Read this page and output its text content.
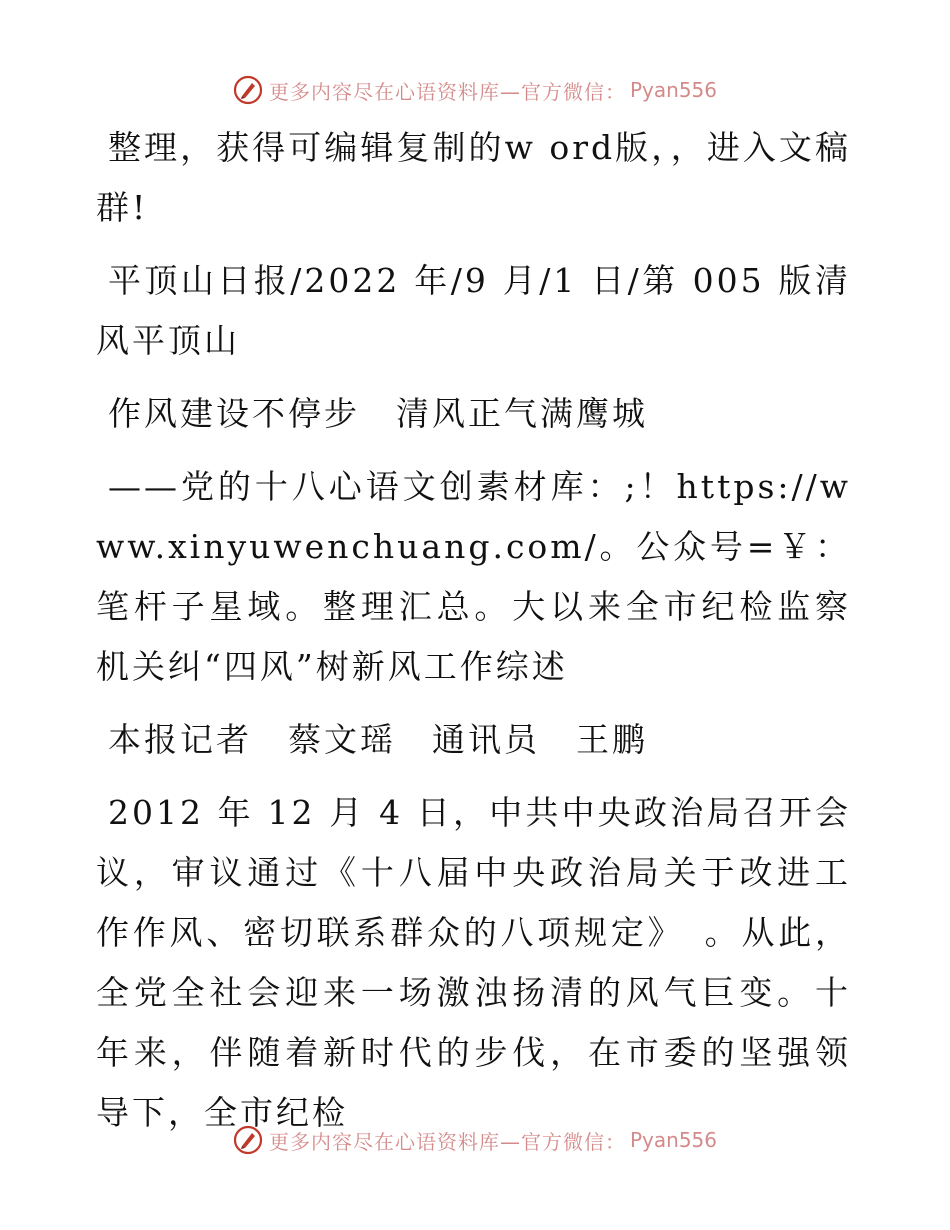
更多内容尽在心语资料库—官方微信： Pyan556

整理，获得可编辑复制的w ord版，，进入文稿群!

平顶山日报/2022 年/9 月/1 日/第 005 版清风平顶山

作风建设不停步　清风正气满鹰城

——党的十八心语文创素材库：;！https://www.xinyuwenchuang.com/。公众号=￥：笔杆子星域。整理汇总。大以来全市纪检监察机关纠“四风”树新风工作综述

本报记者　蔡文瑶　通讯员　王鹏

2012 年 12 月 4 日，中共中央政治局召开会议，审议通过《十八届中央政治局关于改进工作作风、密切联系群众的八项规定》　。从此，全党全社会迎来一场激浊扬清的风气巨变。十年来，伴随着新时代的步伐，在市委的坚强领导下，全市纪检

更多内容尽在心语资料库—官方微信： Pyan556
